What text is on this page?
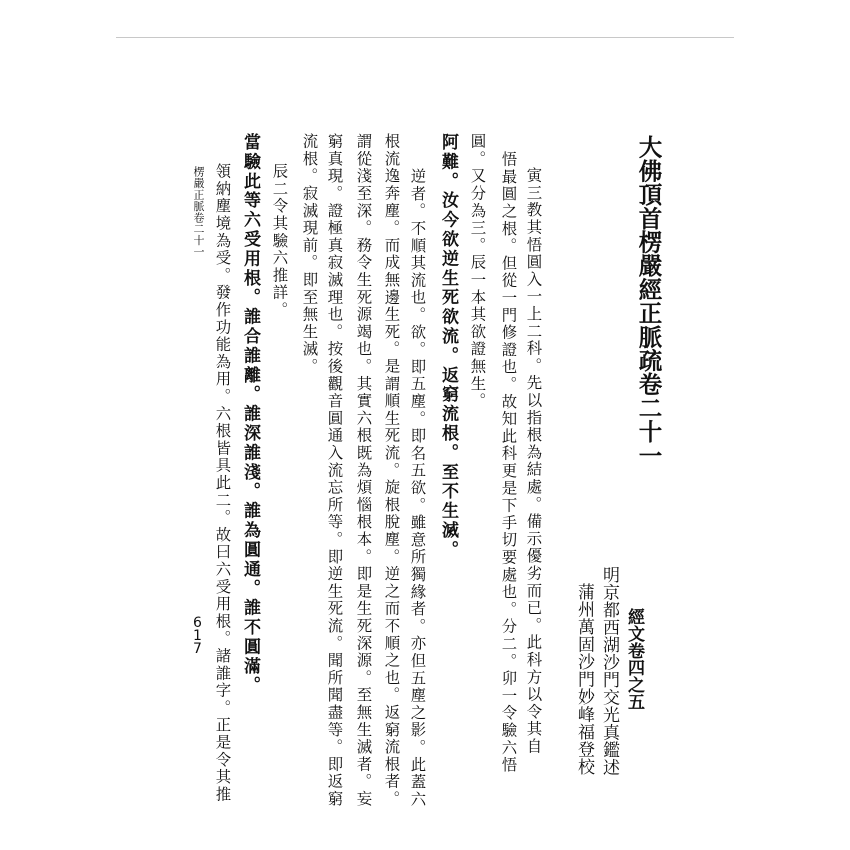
大佛頂首楞嚴經正脈疏卷二十一
經文卷四之五
明京都西湖沙門交光真鑑述
蒲州萬固沙門妙峰福登校
寅三教其悟圓入一上二科。先以指根為結處。備示優劣而已。此科方以令其自
悟最圓之根。但從一門修證也。故知此科更是下手切要處也。分二。卯一令驗六悟
圓。又分為三。辰一本其欲證無生。
阿難。汝今欲逆生死欲流。返窮流根。至不生滅。
逆者。不順其流也。欲。即五塵。即名五欲。雖意所獨緣者。亦但五塵之影。此蓋六
根流逸奔塵。而成無邊生死。是謂順生死流。旋根脫塵。逆之而不順之也。返窮流根者。
謂從淺至深。務令生死源竭也。其實六根既為煩惱根本。即是生死深源。至無生滅者。妄
窮真現。證極真寂滅理也。按後觀音圓通入流忘所等。即逆生死流。聞所聞盡等。即返窮
流根。寂滅現前。即至無生滅。
辰二令其驗六推詳。
當驗此等六受用根。誰合誰離。誰深誰淺。誰為圓通。誰不圓滿。
領納塵境為受。發作功能為用。六根皆具此二。故曰六受用根。諸誰字。正是令其推
楞嚴正脈卷二十一
6
1
7
